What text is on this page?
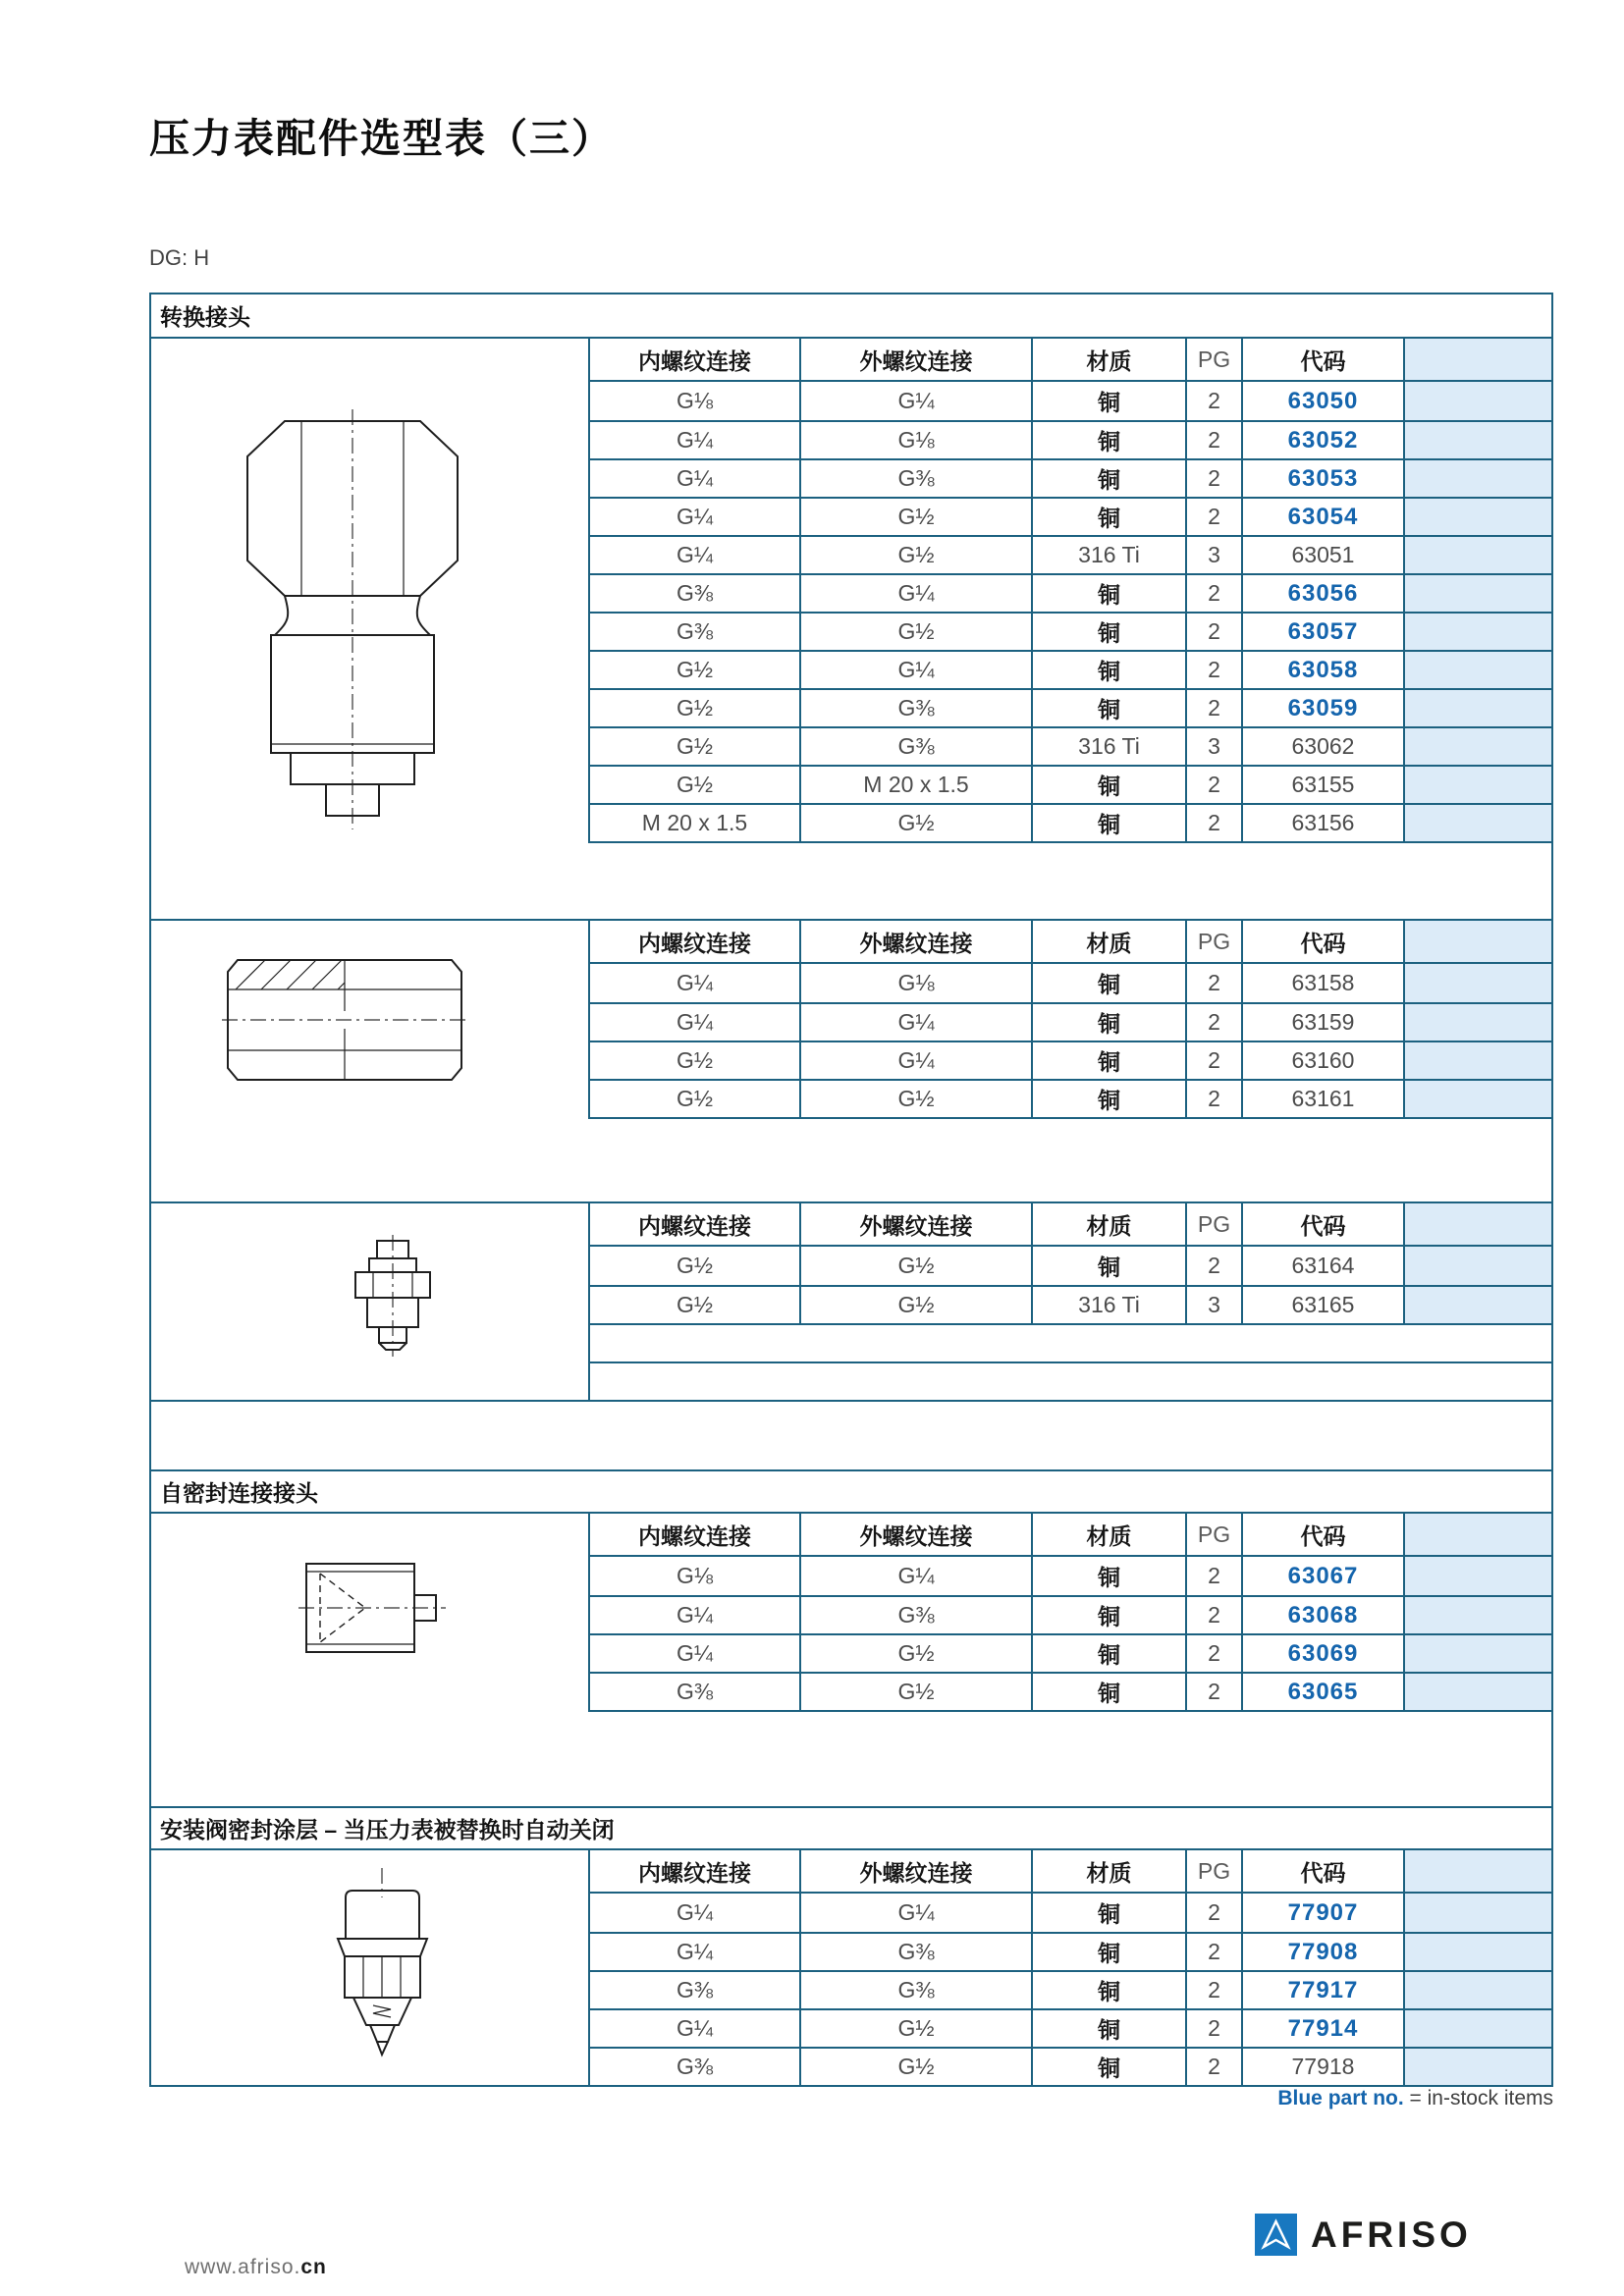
压力表配件选型表（三）
DG: H
转换接头
内螺纹连接	外螺纹连接	材质	PG	代码
G⅛	G¼	铜	2	63050
G¼	G⅛	铜	2	63052
G¼	G⅜	铜	2	63053
G¼	G½	铜	2	63054
G¼	G½	316 Ti	3	63051
G⅜	G¼	铜	2	63056
G⅜	G½	铜	2	63057
G½	G¼	铜	2	63058
G½	G⅜	铜	2	63059
G½	G⅜	316 Ti	3	63062
G½	M 20 x 1.5	铜	2	63155
M 20 x 1.5	G½	铜	2	63156
内螺纹连接	外螺纹连接	材质	PG	代码
G¼	G⅛	铜	2	63158
G¼	G¼	铜	2	63159
G½	G¼	铜	2	63160
G½	G½	铜	2	63161
内螺纹连接	外螺纹连接	材质	PG	代码
G½	G½	铜	2	63164
G½	G½	316 Ti	3	63165
自密封连接接头
内螺纹连接	外螺纹连接	材质	PG	代码
G⅛	G¼	铜	2	63067
G¼	G⅜	铜	2	63068
G¼	G½	铜	2	63069
G⅜	G½	铜	2	63065
安装阀密封涂层 – 当压力表被替换时自动关闭
内螺纹连接	外螺纹连接	材质	PG	代码
G¼	G¼	铜	2	77907
G¼	G⅜	铜	2	77908
G⅜	G⅜	铜	2	77917
G¼	G½	铜	2	77914
G⅜	G½	铜	2	77918
Blue part no. = in-stock items
www.afriso.cn
AFRISO
